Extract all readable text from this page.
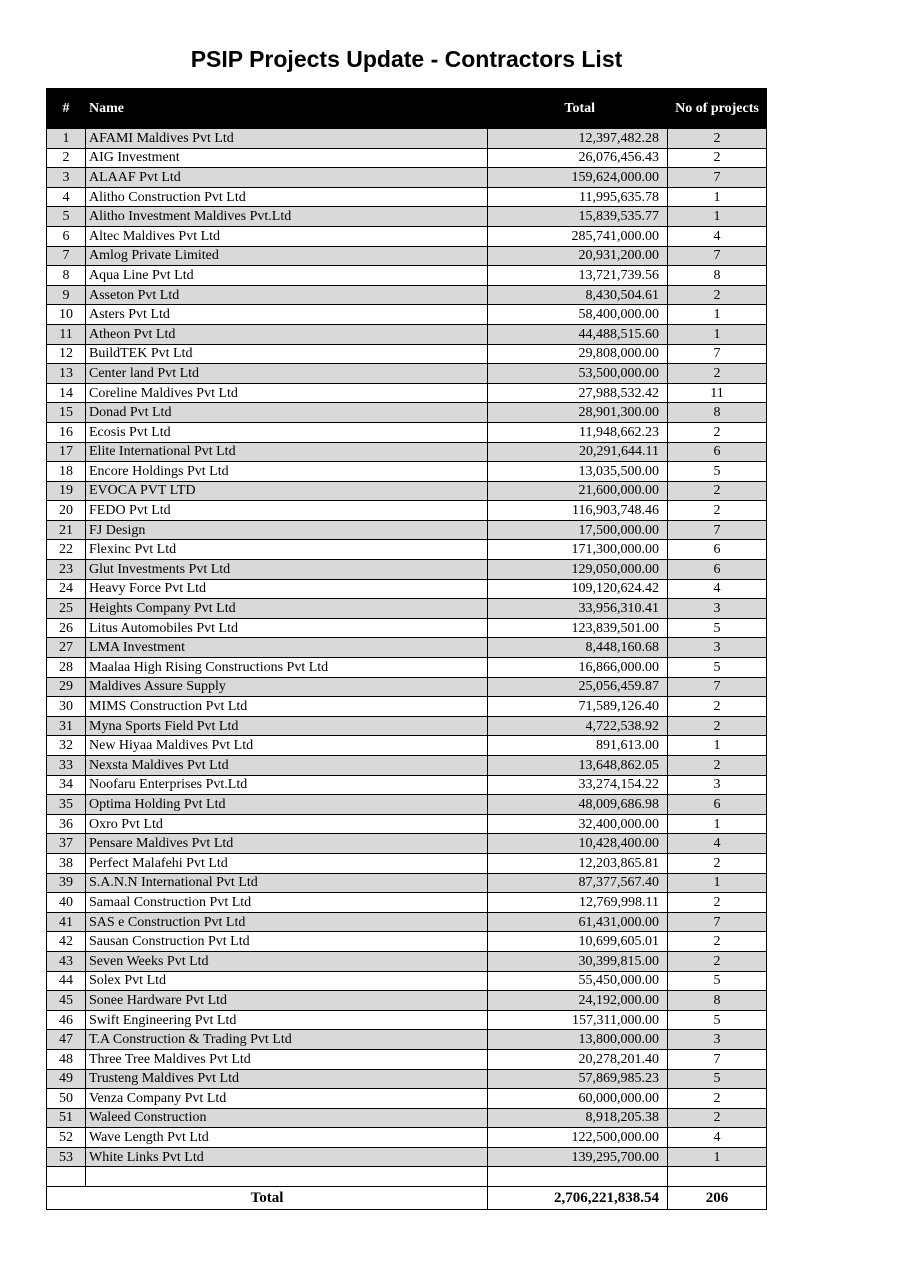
PSIP Projects Update - Contractors List
#	Name	Total	No of projects
1	AFAMI Maldives Pvt Ltd	12,397,482.28	2
2	AIG Investment	26,076,456.43	2
3	ALAAF Pvt Ltd	159,624,000.00	7
4	Alitho Construction Pvt Ltd	11,995,635.78	1
5	Alitho Investment Maldives Pvt.Ltd	15,839,535.77	1
6	Altec Maldives Pvt Ltd	285,741,000.00	4
7	Amlog Private Limited	20,931,200.00	7
8	Aqua Line Pvt Ltd	13,721,739.56	8
9	Asseton Pvt Ltd	8,430,504.61	2
10	Asters Pvt Ltd	58,400,000.00	1
11	Atheon Pvt Ltd	44,488,515.60	1
12	BuildTEK Pvt Ltd	29,808,000.00	7
13	Center land Pvt Ltd	53,500,000.00	2
14	Coreline Maldives Pvt Ltd	27,988,532.42	11
15	Donad Pvt Ltd	28,901,300.00	8
16	Ecosis Pvt Ltd	11,948,662.23	2
17	Elite International Pvt Ltd	20,291,644.11	6
18	Encore Holdings Pvt Ltd	13,035,500.00	5
19	EVOCA PVT LTD	21,600,000.00	2
20	FEDO Pvt Ltd	116,903,748.46	2
21	FJ Design	17,500,000.00	7
22	Flexinc Pvt Ltd	171,300,000.00	6
23	Glut Investments Pvt Ltd	129,050,000.00	6
24	Heavy Force Pvt Ltd	109,120,624.42	4
25	Heights Company Pvt Ltd	33,956,310.41	3
26	Litus Automobiles Pvt Ltd	123,839,501.00	5
27	LMA Investment	8,448,160.68	3
28	Maalaa High Rising Constructions Pvt Ltd	16,866,000.00	5
29	Maldives Assure Supply	25,056,459.87	7
30	MIMS Construction Pvt Ltd	71,589,126.40	2
31	Myna Sports Field Pvt Ltd	4,722,538.92	2
32	New Hiyaa Maldives Pvt Ltd	891,613.00	1
33	Nexsta Maldives Pvt Ltd	13,648,862.05	2
34	Noofaru Enterprises Pvt.Ltd	33,274,154.22	3
35	Optima Holding Pvt Ltd	48,009,686.98	6
36	Oxro Pvt Ltd	32,400,000.00	1
37	Pensare Maldives Pvt Ltd	10,428,400.00	4
38	Perfect Malafehi Pvt Ltd	12,203,865.81	2
39	S.A.N.N International Pvt Ltd	87,377,567.40	1
40	Samaal Construction Pvt Ltd	12,769,998.11	2
41	SAS e Construction Pvt Ltd	61,431,000.00	7
42	Sausan Construction Pvt Ltd	10,699,605.01	2
43	Seven Weeks Pvt Ltd	30,399,815.00	2
44	Solex Pvt Ltd	55,450,000.00	5
45	Sonee Hardware Pvt Ltd	24,192,000.00	8
46	Swift Engineering Pvt Ltd	157,311,000.00	5
47	T.A Construction & Trading Pvt Ltd	13,800,000.00	3
48	Three Tree Maldives Pvt Ltd	20,278,201.40	7
49	Trusteng Maldives Pvt Ltd	57,869,985.23	5
50	Venza Company Pvt Ltd	60,000,000.00	2
51	Waleed Construction	8,918,205.38	2
52	Wave Length Pvt Ltd	122,500,000.00	4
53	White Links Pvt Ltd	139,295,700.00	1

Total		2,706,221,838.54	206
